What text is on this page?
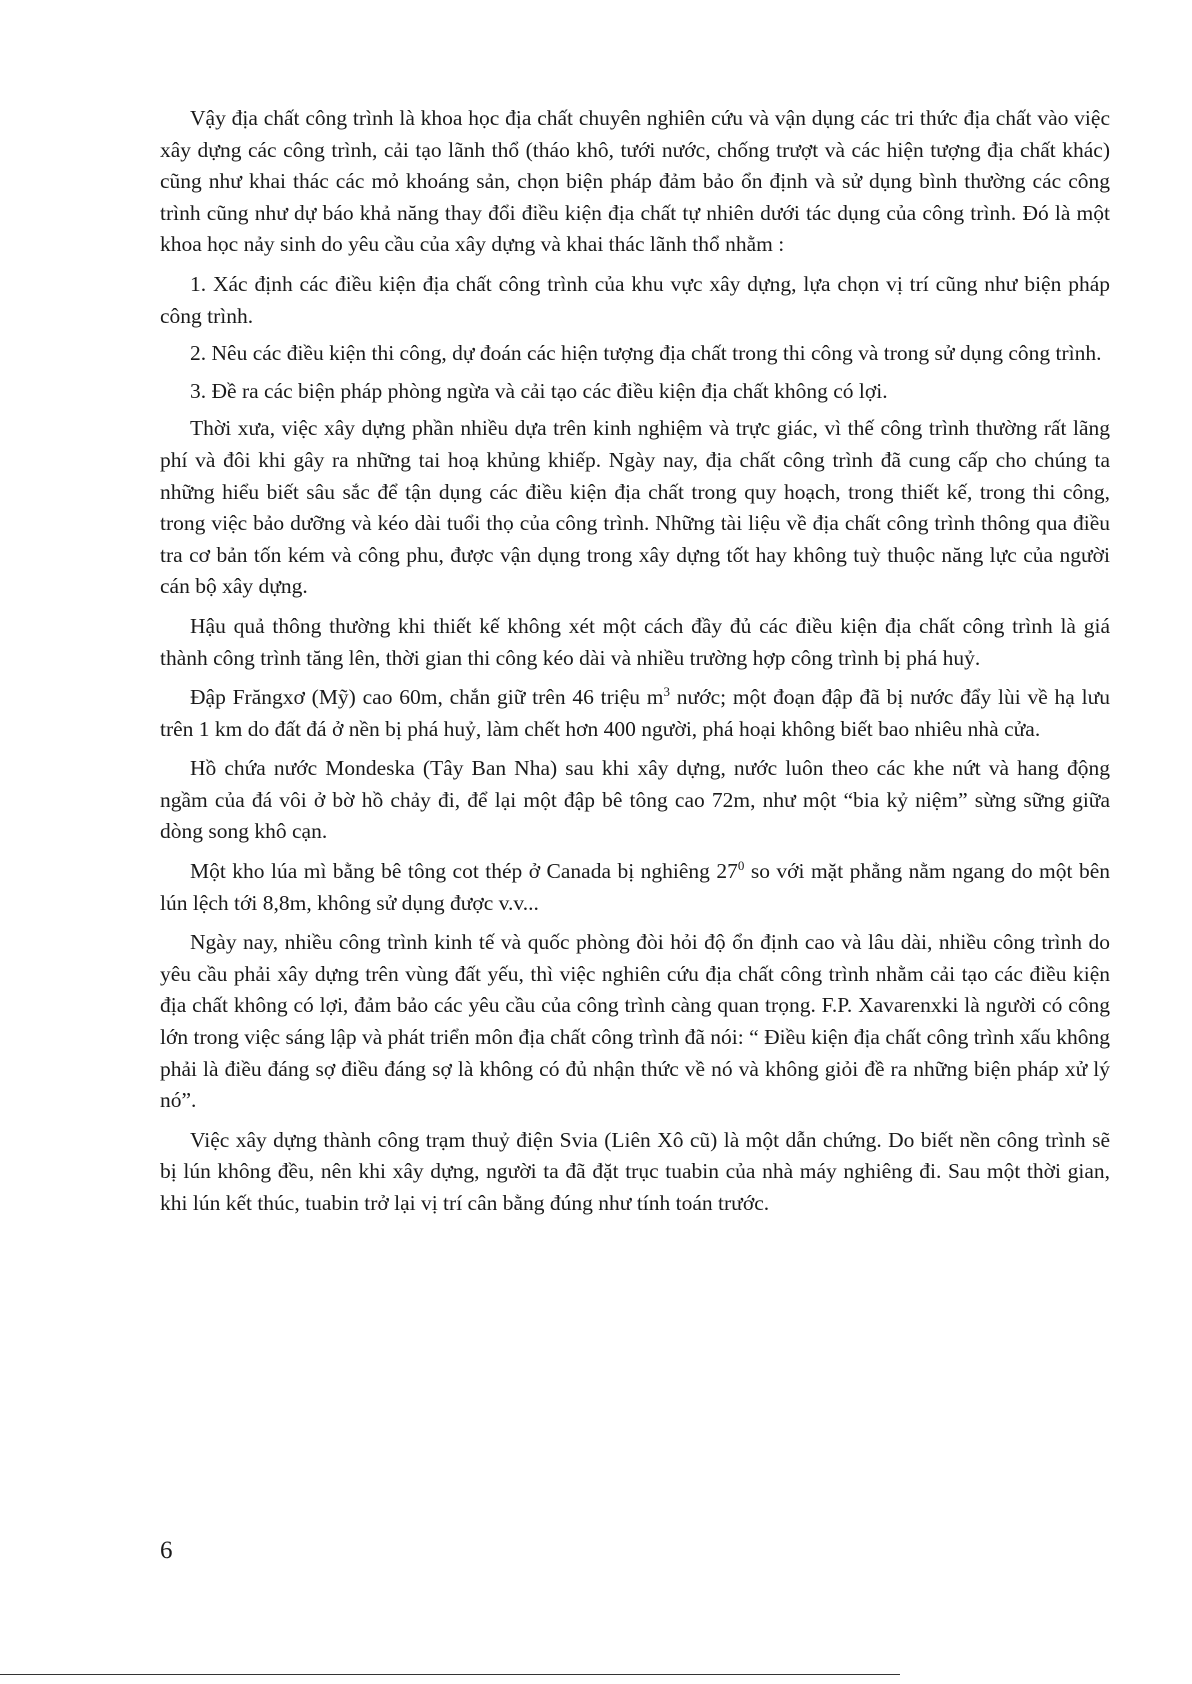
Vậy địa chất công trình là khoa học địa chất chuyên nghiên cứu và vận dụng các tri thức địa chất vào việc xây dựng các công trình, cải tạo lãnh thổ (tháo khô, tưới nước, chống trượt và các hiện tượng địa chất khác) cũng như khai thác các mỏ khoáng sản, chọn biện pháp đảm bảo ổn định và sử dụng bình thường các công trình cũng như dự báo khả năng thay đổi điều kiện địa chất tự nhiên dưới tác dụng của công trình. Đó là một khoa học nảy sinh do yêu cầu của xây dựng và khai thác lãnh thổ nhằm :

1. Xác định các điều kiện địa chất công trình của khu vực xây dựng, lựa chọn vị trí cũng như biện pháp công trình.

2. Nêu các điều kiện thi công, dự đoán các hiện tượng địa chất trong thi công và trong sử dụng công trình.

3. Đề ra các biện pháp phòng ngừa và cải tạo các điều kiện địa chất không có lợi.

Thời xưa, việc xây dựng phần nhiều dựa trên kinh nghiệm và trực giác, vì thế công trình thường rất lãng phí và đôi khi gây ra những tai hoạ khủng khiếp. Ngày nay, địa chất công trình đã cung cấp cho chúng ta những hiểu biết sâu sắc để tận dụng các điều kiện địa chất trong quy hoạch, trong thiết kế, trong thi công, trong việc bảo dưỡng và kéo dài tuổi thọ của công trình. Những tài liệu về địa chất công trình thông qua điều tra cơ bản tốn kém và công phu, được vận dụng trong xây dựng tốt hay không tuỳ thuộc năng lực của người cán bộ xây dựng.

Hậu quả thông thường khi thiết kế không xét một cách đầy đủ các điều kiện địa chất công trình là giá thành công trình tăng lên, thời gian thi công kéo dài và nhiều trường hợp công trình bị phá huỷ.

Đập Frăngxơ (Mỹ) cao 60m, chắn giữ trên 46 triệu $m^3$ nước; một đoạn đập đã bị nước đẩy lùi về hạ lưu trên 1 km do đất đá ở nền bị phá huỷ, làm chết hơn 400 người, phá hoại không biết bao nhiêu nhà cửa.

Hồ chứa nước Mondeska (Tây Ban Nha) sau khi xây dựng, nước luôn theo các khe nứt và hang động ngầm của đá vôi ở bờ hồ chảy đi, để lại một đập bê tông cao 72m, như một “bia kỷ niệm” sừng sững giữa dòng song khô cạn.

Một kho lúa mì bằng bê tông cot thép ở Canada bị nghiêng $27^0$ so với mặt phẳng nằm ngang do một bên lún lệch tới 8,8m, không sử dụng được v.v...

Ngày nay, nhiều công trình kinh tế và quốc phòng đòi hỏi độ ổn định cao và lâu dài, nhiều công trình do yêu cầu phải xây dựng trên vùng đất yếu, thì việc nghiên cứu địa chất công trình nhằm cải tạo các điều kiện địa chất không có lợi, đảm bảo các yêu cầu của công trình càng quan trọng. F.P. Xavarenxki là người có công lớn trong việc sáng lập và phát triển môn địa chất công trình đã nói: “ Điều kiện địa chất công trình xấu không phải là điều đáng sợ điều đáng sợ là không có đủ nhận thức về nó và không giỏi đề ra những biện pháp xử lý nó”.

Việc xây dựng thành công trạm thuỷ điện Svia (Liên Xô cũ) là một dẫn chứng. Do biết nền công trình sẽ bị lún không đều, nên khi xây dựng, người ta đã đặt trục tuabin của nhà máy nghiêng đi. Sau một thời gian, khi lún kết thúc, tuabin trở lại vị trí cân bằng đúng như tính toán trước.

6
